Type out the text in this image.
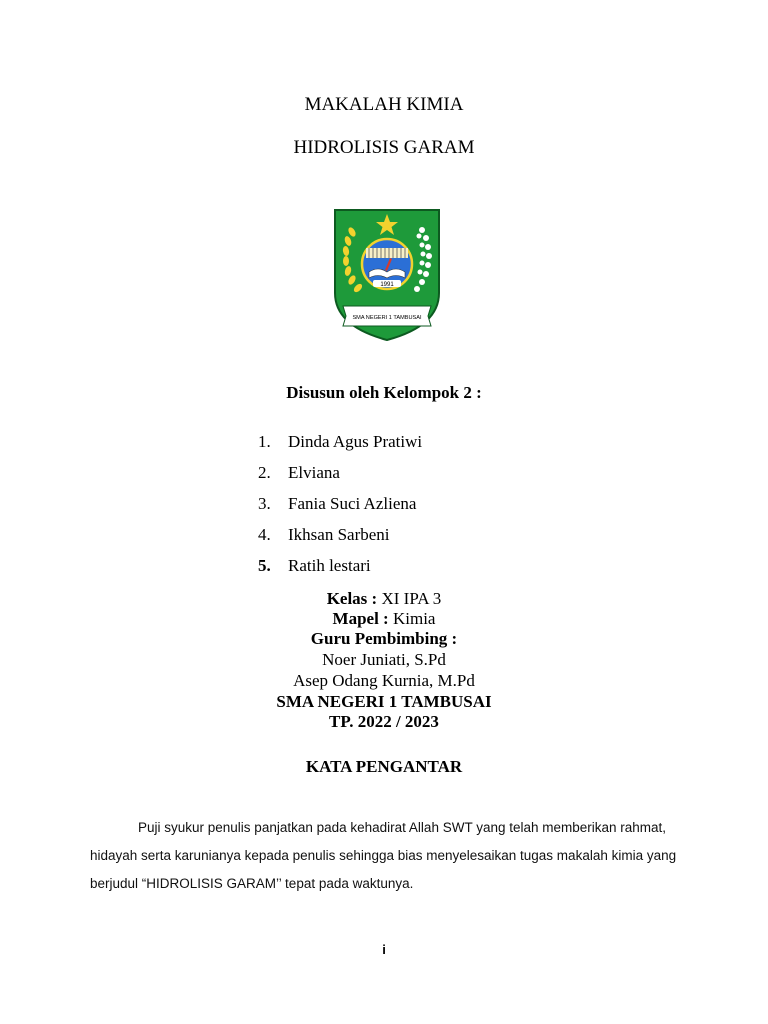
MAKALAH KIMIA
HIDROLISIS GARAM
1991
SMA NEGERI 1 TAMBUSAI
Disusun oleh Kelompok 2 :
1. Dinda Agus Pratiwi
2. Elviana
3. Fania Suci Azliena
4. Ikhsan Sarbeni
5. Ratih lestari
Kelas : XI IPA 3
Mapel : Kimia
Guru Pembimbing :
Noer Juniati, S.Pd
Asep Odang Kurnia, M.Pd
SMA NEGERI 1 TAMBUSAI
TP. 2022 / 2023
KATA PENGANTAR
Puji syukur penulis panjatkan pada kehadirat Allah SWT yang telah memberikan rahmat,
hidayah serta karunianya kepada penulis sehingga bias menyelesaikan tugas makalah kimia yang
berjudul “HIDROLISIS GARAM’’ tepat pada waktunya.
i
